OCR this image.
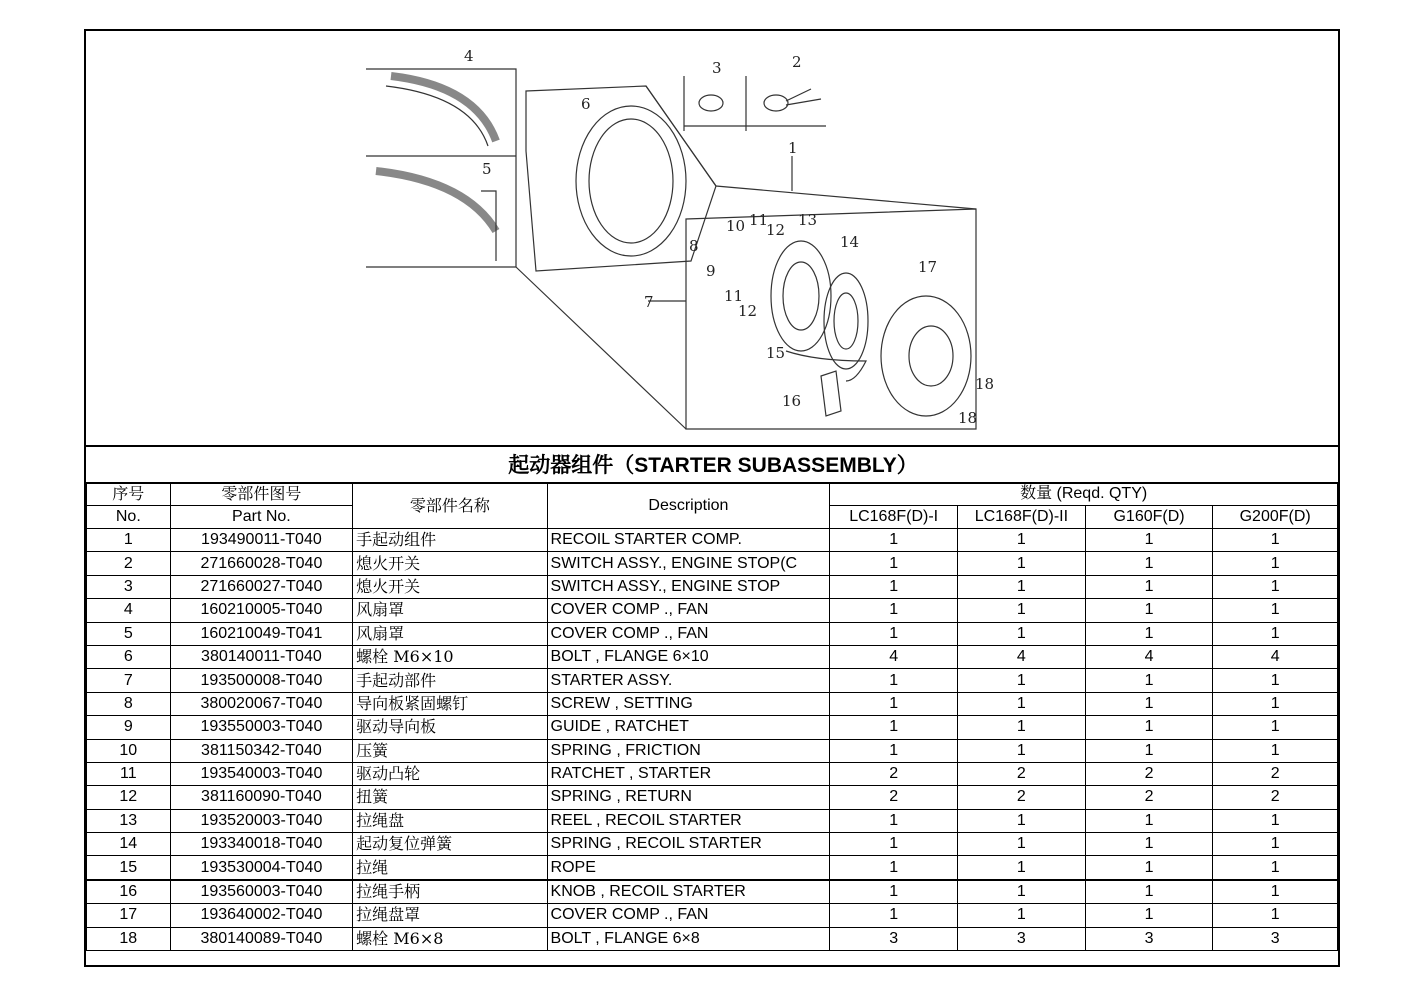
1
2
3
4
5
6
7
8
9
10 11
12
11
12
13
14
15
16
17
18
18
起动器组件（STARTER SUBASSEMBLY）
序号	零部件图号	零部件名称	Description	数量 (Reqd. QTY)			
No.	Part No.			LC168F(D)-I	LC168F(D)-II	G160F(D)	G200F(D)
1	193490011-T040	手起动组件	RECOIL STARTER COMP.	1	1	1	1
2	271660028-T040	熄火开关	SWITCH ASSY., ENGINE STOP(C	1	1	1	1
3	271660027-T040	熄火开关	SWITCH ASSY., ENGINE STOP	1	1	1	1
4	160210005-T040	风扇罩	COVER COMP ., FAN	1	1	1	1
5	160210049-T041	风扇罩	COVER COMP ., FAN	1	1	1	1
6	380140011-T040	螺栓 M6×10	BOLT , FLANGE 6×10	4	4	4	4
7	193500008-T040	手起动部件	STARTER ASSY.	1	1	1	1
8	380020067-T040	导向板紧固螺钉	SCREW , SETTING	1	1	1	1
9	193550003-T040	驱动导向板	GUIDE , RATCHET	1	1	1	1
10	381150342-T040	压簧	SPRING , FRICTION	1	1	1	1
11	193540003-T040	驱动凸轮	RATCHET , STARTER	2	2	2	2
12	381160090-T040	扭簧	SPRING , RETURN	2	2	2	2
13	193520003-T040	拉绳盘	REEL , RECOIL STARTER	1	1	1	1
14	193340018-T040	起动复位弹簧	SPRING , RECOIL STARTER	1	1	1	1
15	193530004-T040	拉绳	ROPE	1	1	1	1
16	193560003-T040	拉绳手柄	KNOB , RECOIL STARTER	1	1	1	1
17	193640002-T040	拉绳盘罩	COVER COMP ., FAN	1	1	1	1
18	380140089-T040	螺栓 M6×8	BOLT , FLANGE 6×8	3	3	3	3
